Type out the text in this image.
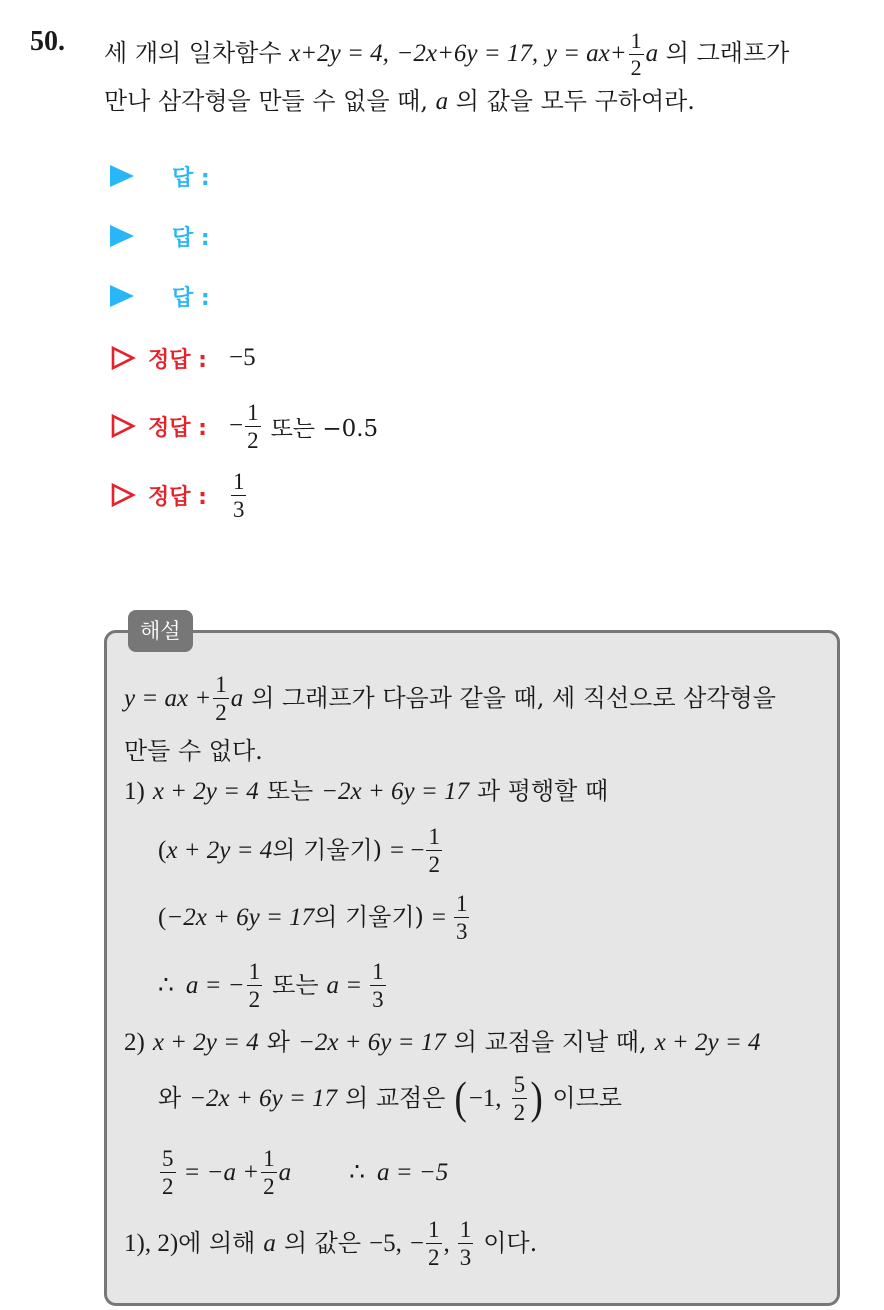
50. 세 개의 일차함수 x+2y = 4, −2x+6y = 17, $y = ax+ \frac{1}{2}$ a 의 그래프가
만나 삼각형을 만들 수 없을 때, a 의 값을 모두 구하여라.
답 :
답 :
답 :
정답 : −5
정답 : − $\frac{1}{2}$ 또는 −0.5
정답 : $\frac{1}{3}$
해설
y = ax + $\frac{1}{2}$ a 의 그래프가 다음과 같을 때, 세 직선으로 삼각형을
만들 수 없다.
1) x + 2y = 4 또는 −2x + 6y = 17 과 평행할 때
( x + 2y = 4 의 기울기) = − $\frac{1}{2}$
( −2x + 6y = 17 의 기울기) = $\frac{1}{3}$
∴ a = − $\frac{1}{2}$ 또는 $a = \frac{1}{3}$
2) x + 2y = 4 와 −2x + 6y = 17 의 교점을 지날 때, x + 2y = 4
와 −2x + 6y = 17 의 교점은 ( −1, $\frac{5}{2}$ ) 이므로
$\frac{5}{2} = -a + \frac{1}{2}$ a ∴ a = −5
1), 2) 에 의해 a 의 값은 −5, − $\frac{1}{2}$ , $\frac{1}{3}$ 이다.
